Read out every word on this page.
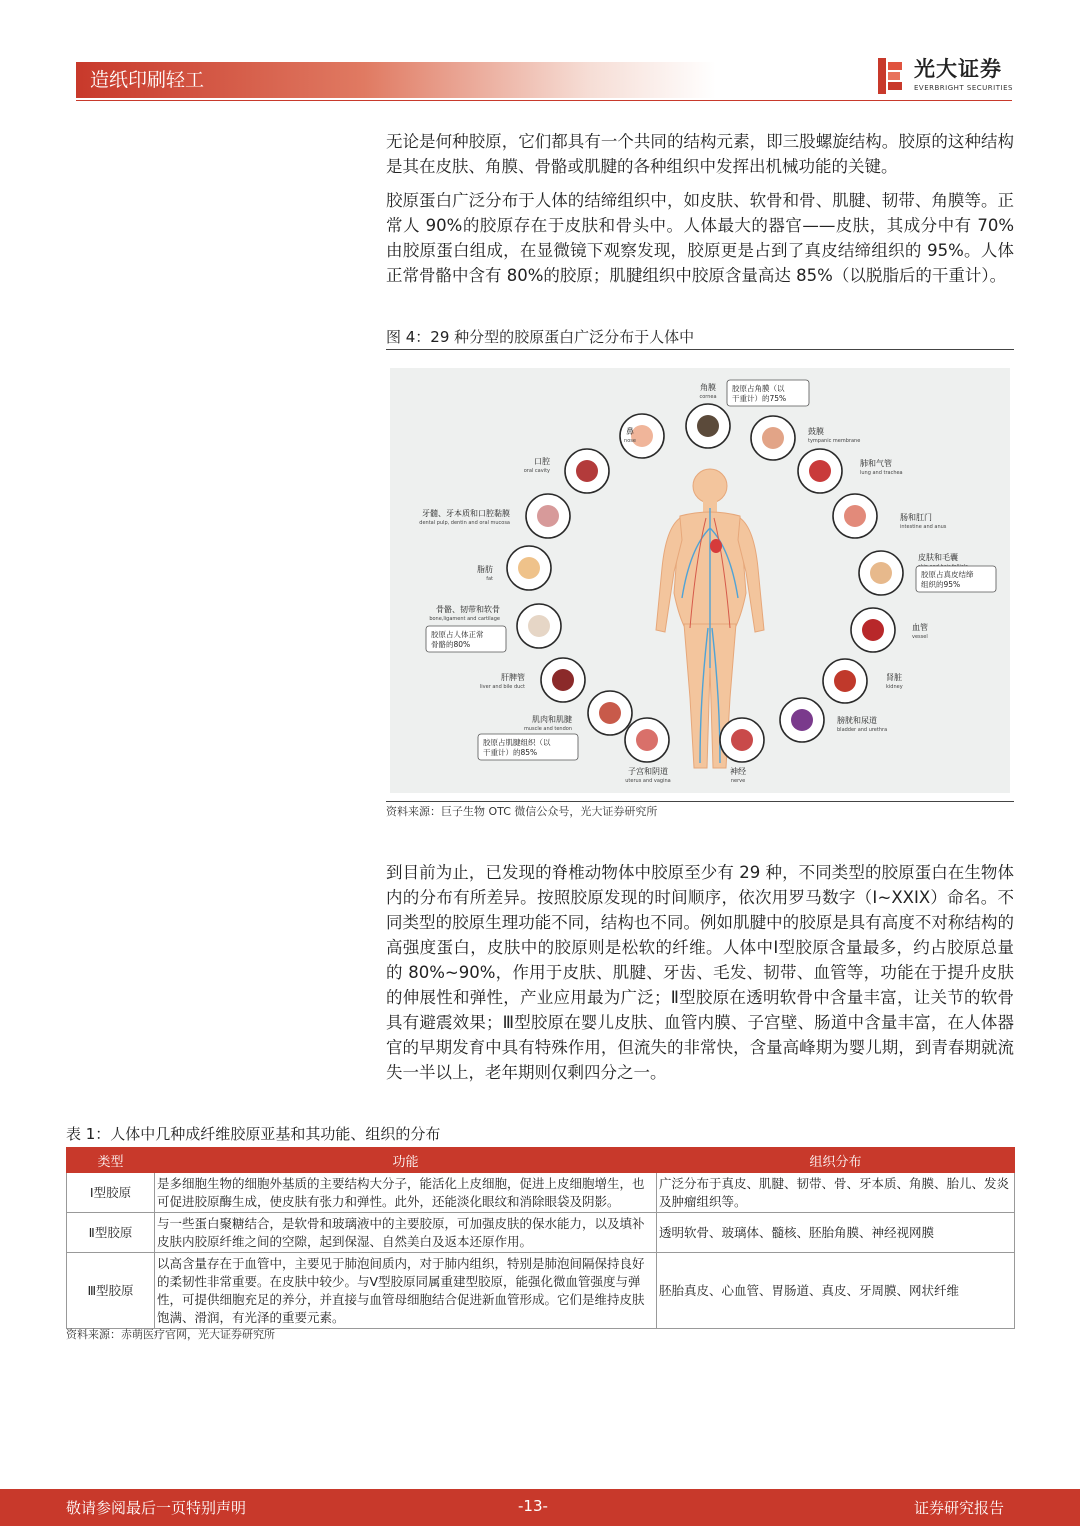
造纸印刷轻工	光大证券
EVERBRIGHT SECURITIES

无论是何种胶原，它们都具有一个共同的结构元素，即三股螺旋结构。胶原的这种结构是其在皮肤、角膜、骨骼或肌腱的各种组织中发挥出机械功能的关键。

胶原蛋白广泛分布于人体的结缔组织中，如皮肤、软骨和骨、肌腱、韧带、角膜等。正常人 90%的胶原存在于皮肤和骨头中。人体最大的器官——皮肤，其成分中有 70%由胶原蛋白组成，在显微镜下观察发现，胶原更是占到了真皮结缔组织的 95%。人体正常骨骼中含有 80%的胶原；肌腱组织中胶原含量高达 85%（以脱脂后的干重计）。

图 4：29 种分型的胶原蛋白广泛分布于人体中
角膜
cornea
鼓膜
tympanic membrane
肺和气管
lung and trachea
肠和肛门
intestine and anus
皮肤和毛囊
血管
vessel
肾脏
kidney
膀胱和尿道
bladder and urethra
神经
nerve
子宫和阴道
uterus and vagina
肌肉和肌腱
muscle and tendon
肝脾管
liver and bile duct
骨骼、韧带和软骨
bone,ligament and cartilage
脂肪
fat
牙髓、牙本质和口腔黏膜
dental pulp, dentin and oral mucosa
口腔
oral cavity
鼻
nose
胶原占角膜（以
干重计）的75%
胶原占真皮结缔
组织的95%
胶原占人体正常
骨骼的80%
胶原占肌腱组织（以
干重计）的85%
资料来源：巨子生物 OTC 微信公众号，光大证券研究所

到目前为止，已发现的脊椎动物体中胶原至少有 29 种，不同类型的胶原蛋白在生物体内的分布有所差异。按照胶原发现的时间顺序，依次用罗马数字（Ⅰ~XXIX）命名。不同类型的胶原生理功能不同，结构也不同。例如肌腱中的胶原是具有高度不对称结构的高强度蛋白，皮肤中的胶原则是松软的纤维。人体中Ⅰ型胶原含量最多，约占胶原总量的 80%~90%，作用于皮肤、肌腱、牙齿、毛发、韧带、血管等，功能在于提升皮肤的伸展性和弹性，产业应用最为广泛；Ⅱ型胶原在透明软骨中含量丰富，让关节的软骨具有避震效果；Ⅲ型胶原在婴儿皮肤、血管内膜、子宫壁、肠道中含量丰富，在人体器官的早期发育中具有特殊作用，但流失的非常快，含量高峰期为婴儿期，到青春期就流失一半以上，老年期则仅剩四分之一。

表 1：人体中几种成纤维胶原亚基和其功能、组织的分布
类型	功能	组织分布
Ⅰ型胶原	是多细胞生物的细胞外基质的主要结构大分子，能活化上皮细胞，促进上皮细胞增生，也可促进胶原酶生成，使皮肤有张力和弹性。此外，还能淡化眼纹和消除眼袋及阴影。	广泛分布于真皮、肌腱、韧带、骨、牙本质、角膜、胎儿、发炎及肿瘤组织等。
Ⅱ型胶原	与一些蛋白聚糖结合，是软骨和玻璃液中的主要胶原，可加强皮肤的保水能力，以及填补皮肤内胶原纤维之间的空隙，起到保湿、自然美白及返本还原作用。	透明软骨、玻璃体、髓核、胚胎角膜、神经视网膜
Ⅲ型胶原	以高含量存在于血管中，主要见于肺泡间质内，对于肺内组织，特别是肺泡间隔保持良好的柔韧性非常重要。在皮肤中较少。与Ⅴ型胶原同属重建型胶原，能强化微血管强度与弹性，可提供细胞充足的养分，并直接与血管母细胞结合促进新血管形成。它们是维持皮肤饱满、滑润，有光泽的重要元素。	胚胎真皮、心血管、胃肠道、真皮、牙周膜、网状纤维
资料来源：赤萌医疗官网，光大证券研究所
敬请参阅最后一页特别声明	-13-	证券研究报告
